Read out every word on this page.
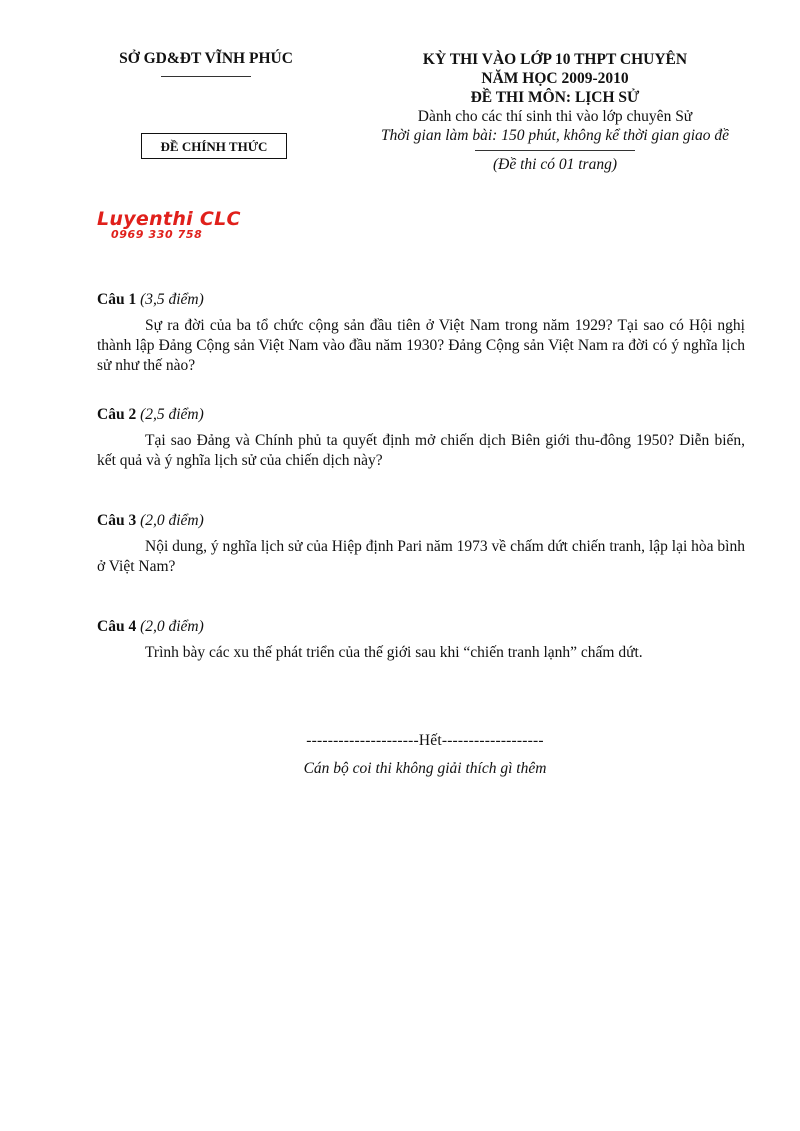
SỞ GD&ĐT VĨNH PHÚC
ĐỀ CHÍNH THỨC
KỲ THI VÀO LỚP 10 THPT CHUYÊN
NĂM HỌC 2009-2010
ĐỀ THI MÔN: LỊCH SỬ
Dành cho các thí sinh thi vào lớp chuyên Sử
Thời gian làm bài: 150 phút, không kể thời gian giao đề
(Đề thi có 01 trang)
Luyenthi CLC
0969 330 758
Câu 1 (3,5 điểm)
Sự ra đời của ba tổ chức cộng sản đầu tiên ở Việt Nam trong năm 1929? Tại sao có Hội nghị thành lập Đảng Cộng sản Việt Nam vào đầu năm 1930? Đảng Cộng sản Việt Nam ra đời có ý nghĩa lịch sử như thế nào?
Câu 2 (2,5 điểm)
Tại sao Đảng và Chính phủ ta quyết định mở chiến dịch Biên giới thu-đông 1950? Diễn biến, kết quả và ý nghĩa lịch sử của chiến dịch này?
Câu 3 (2,0 điểm)
Nội dung, ý nghĩa lịch sử của Hiệp định Pari năm 1973 về chấm dứt chiến tranh, lập lại hòa bình ở Việt Nam?
Câu 4 (2,0 điểm)
Trình bày các xu thế phát triển của thế giới sau khi “chiến tranh lạnh” chấm dứt.
---------------------Hết-------------------
Cán bộ coi thi không giải thích gì thêm
